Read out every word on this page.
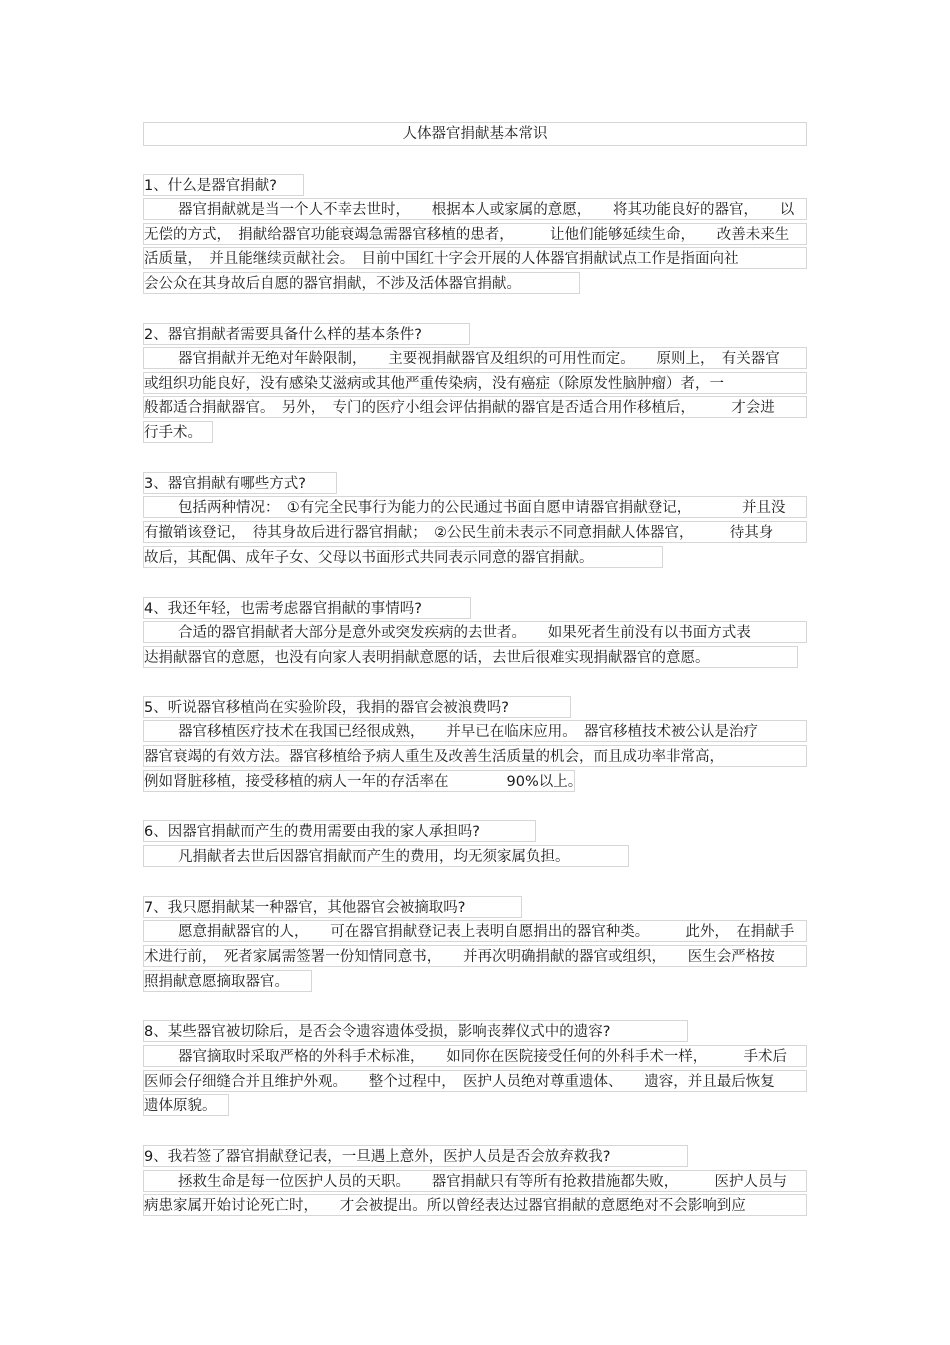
人体器官捐献基本常识
1、什么是器官捐献?
器官捐献就是当一个人不幸去世时，　　根据本人或家属的意愿，　　将其功能良好的器官，　　以
无偿的方式，　捐献给器官功能衰竭急需器官移植的患者，　　　让他们能够延续生命，　　改善未来生
活质量，　并且能继续贡献社会。　目前中国红十字会开展的人体器官捐献试点工作是指面向社
会公众在其身故后自愿的器官捐献，不涉及活体器官捐献。
2、器官捐献者需要具备什么样的基本条件?
器官捐献并无绝对年龄限制，　　主要视捐献器官及组织的可用性而定。　　原则上，　有关器官
或组织功能良好，没有感染艾滋病或其他严重传染病，没有癌症（除原发性脑肿瘤）者，一
般都适合捐献器官。　另外，　专门的医疗小组会评估捐献的器官是否适合用作移植后，　　　才会进
行手术。
3、器官捐献有哪些方式?
包括两种情况：　①有完全民事行为能力的公民通过书面自愿申请器官捐献登记，　　　　并且没
有撤销该登记，　待其身故后进行器官捐献；　②公民生前未表示不同意捐献人体器官，　　　待其身
故后，其配偶、成年子女、父母以书面形式共同表示同意的器官捐献。
4、我还年轻，也需考虑器官捐献的事情吗?
合适的器官捐献者大部分是意外或突发疾病的去世者。　　如果死者生前没有以书面方式表
达捐献器官的意愿，也没有向家人表明捐献意愿的话，去世后很难实现捐献器官的意愿。
5、听说器官移植尚在实验阶段，我捐的器官会被浪费吗?
器官移植医疗技术在我国已经很成熟，　　并早已在临床应用。　器官移植技术被公认是治疗
器官衰竭的有效方法。器官移植给予病人重生及改善生活质量的机会，而且成功率非常高，
例如肾脏移植，接受移植的病人一年的存活率在　　　　90%以上。
6、因器官捐献而产生的费用需要由我的家人承担吗?
凡捐献者去世后因器官捐献而产生的费用，均无须家属负担。
7、我只愿捐献某一种器官，其他器官会被摘取吗?
愿意捐献器官的人，　　可在器官捐献登记表上表明自愿捐出的器官种类。　　　此外，　在捐献手
术进行前，　死者家属需签署一份知情同意书，　　并再次明确捐献的器官或组织，　　医生会严格按
照捐献意愿摘取器官。
8、某些器官被切除后，是否会令遗容遗体受损，影响丧葬仪式中的遗容?
器官摘取时采取严格的外科手术标准，　　如同你在医院接受任何的外科手术一样，　　　手术后
医师会仔细缝合并且维护外观。　　整个过程中，　医护人员绝对尊重遗体、　　遗容，并且最后恢复
遗体原貌。
9、我若签了器官捐献登记表，一旦遇上意外，医护人员是否会放弃救我?
拯救生命是每一位医护人员的天职。　　器官捐献只有等所有抢救措施都失败，　　　医护人员与
病患家属开始讨论死亡时，　　才会被提出。所以曾经表达过器官捐献的意愿绝对不会影响到应
